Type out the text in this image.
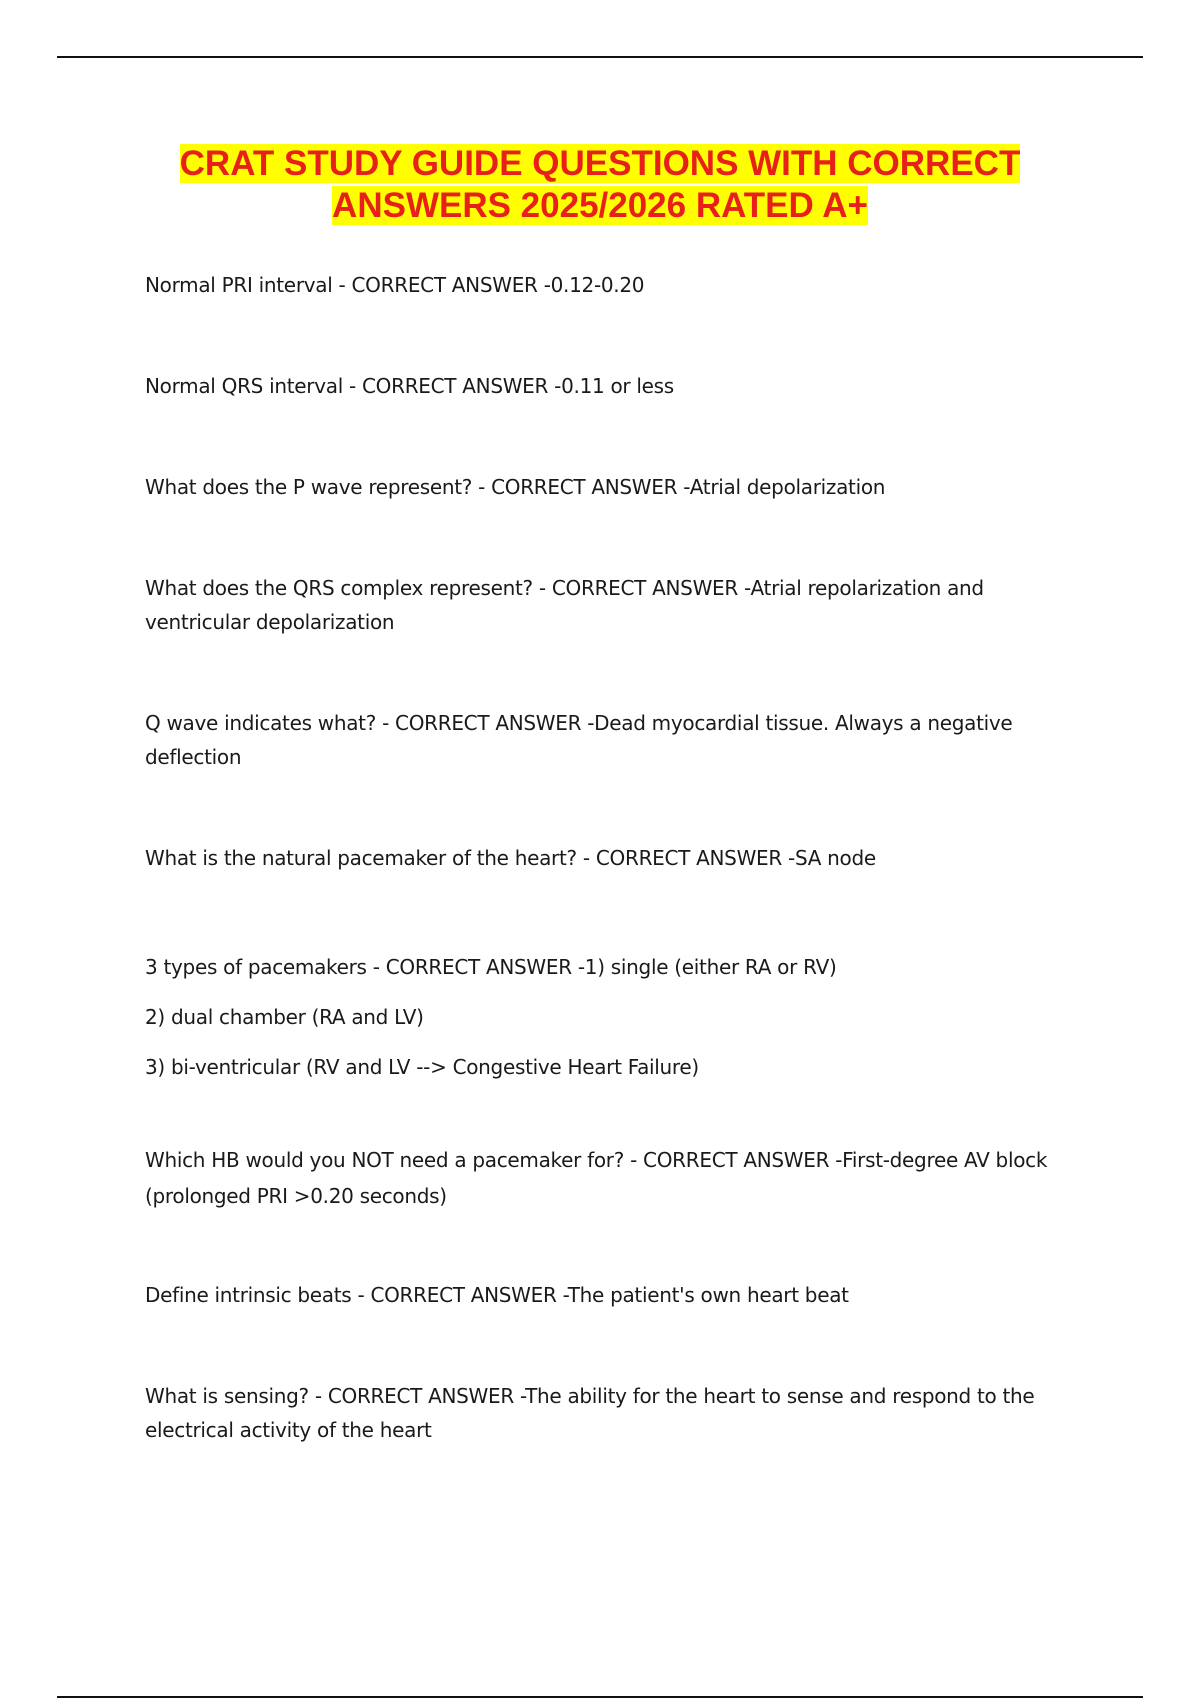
CRAT STUDY GUIDE QUESTIONS WITH CORRECT
ANSWERS 2025/2026 RATED A+
Normal PRI interval - CORRECT ANSWER -0.12-0.20
Normal QRS interval - CORRECT ANSWER -0.11 or less
What does the P wave represent? - CORRECT ANSWER -Atrial depolarization
What does the QRS complex represent? - CORRECT ANSWER -Atrial repolarization and
ventricular depolarization
Q wave indicates what? - CORRECT ANSWER -Dead myocardial tissue. Always a negative
deflection
What is the natural pacemaker of the heart? - CORRECT ANSWER -SA node
3 types of pacemakers - CORRECT ANSWER -1) single (either RA or RV)
2) dual chamber (RA and LV)
3) bi-ventricular (RV and LV --> Congestive Heart Failure)
Which HB would you NOT need a pacemaker for? - CORRECT ANSWER -First-degree AV block
(prolonged PRI >0.20 seconds)
Define intrinsic beats - CORRECT ANSWER -The patient's own heart beat
What is sensing? - CORRECT ANSWER -The ability for the heart to sense and respond to the
electrical activity of the heart
